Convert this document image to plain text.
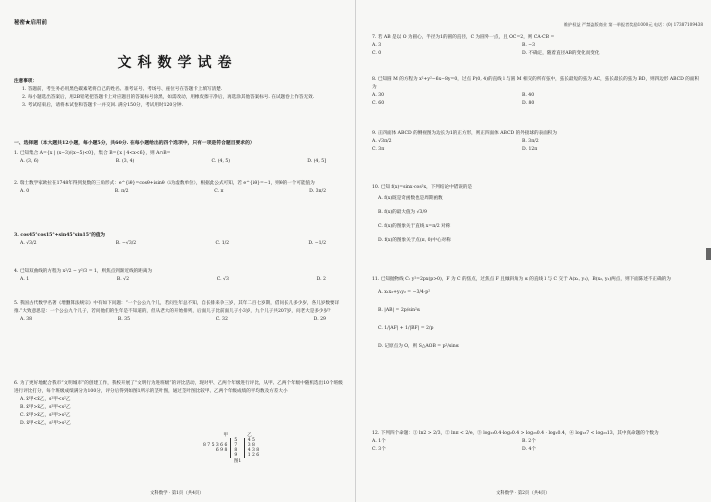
秘密★启用前
文科数学试卷
注意事项：
1. 答题前，考生务必用黑色碳素笔将自己的姓名、准考证号、考场号、座位号在答题卡上填写清楚.
2. 每小题选出答案后，用2B铅笔把答题卡上对应题目的答案标号涂黑，如需改动，用橡皮擦干净后，再选涂其他答案标号. 在试题卷上作答无效.
3. 考试结束后，请将本试卷和答题卡一并交回. 满分150分，考试用时120分钟.
一、选择题（本大题共12小题，每小题5分，共60分. 在每小题给出的四个选项中，只有一项是符合题目要求的）
1. 已知集合 A={x | (x−3)/(x−5)<0}，集合 B={x | 4<x<6}，则 A∩B=
A. (3, 6)	B. (3, 4)	C. (4, 5)	D. (4, 5]
2. 瑞士数学家欧拉在1748年得到复数的三角形式：e^{iθ}=cosθ+isinθ（i为虚数单位），根据此公式可知，若 e^{iθ}=−1，则θ的一个可能值为
A. 0	B. π/2	C. π	D. 3π/2
3. cos45°cos15°+sin45°sin15°的值为
A. √3/2	B. −√3/2	C. 1/2	D. −1/2
4. 已知双曲线的方程为 x²/2 − y²/3 = 1，则焦点到渐近线的距离为
A. 1	B. √2	C. √3	D. 2
5. 我国古代数学名著《增删算法统宗》中有如下问题：“一个公公九个儿，若问生年总不知，自长排来争三岁，其年二百七岁期，借问长儿多少岁，各儿岁数要详推.”大致意思是：一个公公九个儿子，若问他们的生年是不知道的，但从老大的开始排列，后面儿子比前面儿子小3岁，九个儿子共207岁，问老大是多少岁？
A. 38	B. 35	C. 32	D. 29
6. 为了更好地配合我市“文明城市”的创建工作，我校开展了“文明行为进班级”的评比活动，现对甲、乙两个年级进行评比，从甲、乙两个年级中随机选出10个班级进行评比打分，每个班级成绩满分为100分，评分后得到如图1所示的茎叶图，通过茎叶图比较甲、乙两个年级成绩的平均数及方差大小
A. x̄甲<x̄乙，s²甲<s²乙
B. x̄甲>x̄乙，s²甲<s²乙
C. x̄甲>x̄乙，s²甲>s²乙
D. x̄甲<x̄乙，s²甲>s²乙
甲		乙
	5	4 5
8 7 5 3 6 6	7	3 8
6 9 8	8	4 3 8
	9	1 2 6
	图1	
文科数学 · 第1页（共4页）
维护权益 严禁盗版商业 第一举报者奖励1000元 电话：(0) 17387109438
7. 若 AB 是以 O 为圆心，半径为1的圆的直径，C 为圆外一点，且 OC=2，则 CA·CB =
A. 3	B. −3
C. 0	D. 不确定，随着直径AB的变化而变化
8. 已知圆 M 的方程为 x²+y²−6x−8y=0，过点 P(0, 4)的直线 l 与圆 M 相交的所有弦中，弦长最短的弦为 AC，弦长最长的弦为 BD，则四边形 ABCD 的面积为
A. 30	B. 40
C. 60	D. 80
9. 正四面体 ABCD 的侧视图为边长为1的正方形，则正四面体 ABCD 的外接球的表面积为
A. √3π/2	B. 3π/2
C. 3π	D. 12π
10. 已知 f(x)=sinx·cos²x，下列结论中错误的是
A. f(x)既是奇函数也是周期函数
B. f(x)的最大值为 √3/9
C. f(x)的图象关于直线 x=π/2 对称
D. f(x)的图象关于点(π, 0)中心对称
11. 已知抛物线 C: y²=2px(p>0)，F 为 C 的焦点，过焦点 F 且倾斜角为 α 的直线 l 与 C 交于 A(x₁, y₁)，B(x₂, y₂)两点，则下面陈述不正确的为
A. x₁x₂+y₁y₂ = −3/4·p²
B. |AB| = 2p/sin²α
C. 1/|AF| + 1/|BF| = 2/p
D. 记原点为 O，则 S△AOB = p²/sinα
12. 下列四个命题：① ln2 > 2/3，② lnπ < 2/e，③ log₂₃0.4·log₂0.4 > log₂₃0.4 · log₂0.4，④ log₂₃7 < log₂₃13，其中真命题的个数为
A. 1个	B. 2个
C. 3个	D. 4个
文科数学 · 第2页（共4页）
